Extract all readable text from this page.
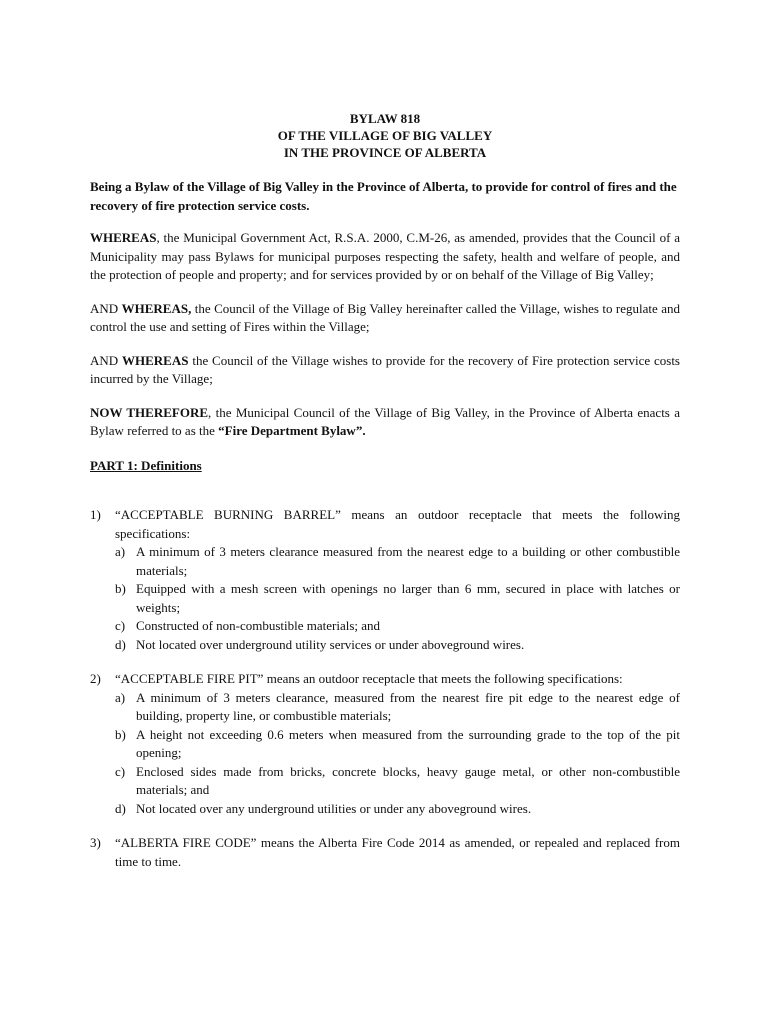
BYLAW 818
OF THE VILLAGE OF BIG VALLEY
IN THE PROVINCE OF ALBERTA

Being a Bylaw of the Village of Big Valley in the Province of Alberta, to provide for control of fires and the recovery of fire protection service costs.

WHEREAS, the Municipal Government Act, R.S.A. 2000, C.M-26, as amended, provides that the Council of a Municipality may pass Bylaws for municipal purposes respecting the safety, health and welfare of people, and the protection of people and property; and for services provided by or on behalf of the Village of Big Valley;

AND WHEREAS, the Council of the Village of Big Valley hereinafter called the Village, wishes to regulate and control the use and setting of Fires within the Village;

AND WHEREAS the Council of the Village wishes to provide for the recovery of Fire protection service costs incurred by the Village;

NOW THEREFORE, the Municipal Council of the Village of Big Valley, in the Province of Alberta enacts a Bylaw referred to as the “Fire Department Bylaw”.

PART 1: Definitions

1) “ACCEPTABLE BURNING BARREL” means an outdoor receptacle that meets the following specifications:

a) A minimum of 3 meters clearance measured from the nearest edge to a building or other combustible materials;
b) Equipped with a mesh screen with openings no larger than 6 mm, secured in place with latches or weights;
c) Constructed of non-combustible materials; and
d) Not located over underground utility services or under aboveground wires.
2) “ACCEPTABLE FIRE PIT” means an outdoor receptacle that meets the following specifications:

a) A minimum of 3 meters clearance, measured from the nearest fire pit edge to the nearest edge of building, property line, or combustible materials;
b) A height not exceeding 0.6 meters when measured from the surrounding grade to the top of the pit opening;
c) Enclosed sides made from bricks, concrete blocks, heavy gauge metal, or other non-combustible materials; and
d) Not located over any underground utilities or under any aboveground wires.
3) “ALBERTA FIRE CODE” means the Alberta Fire Code 2014 as amended, or repealed and replaced from time to time.
